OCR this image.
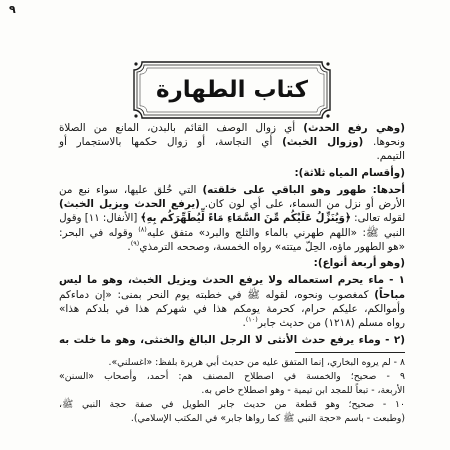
٩
كتاب الطهارة
(وهي رفع الحدث) أي زوال الوصف القائم بالبدن، المانع من الصلاة
ونحوها. (وزوال الخبث) أي النجاسة، أو زوال حكمها بالاستجمار أو
التيمم.
(وأقسام المياه ثلاثة):
أحدها: طهور وهو الباقي على خلقته) التي خُلق عليها، سواء نبع من
الأرض أو نزل من السماء، على أي لون كان. (يرفع الحدث ويزيل الخبث)
لقوله تعالى: ﴿وَيُنَزِّلُ عَلَيْكُم مِّنَ السَّمَاءِ مَاءً لِّيُطَهِّرَكُم بِهِ﴾ [الأنفال: ١١] وقول
النبي ﷺ: «اللهم طهرني بالماء والثلج والبرد» متفق عليه$^{(٨)}$ وقوله في البحر:
«هو الطهور ماؤه، الحِلّ ميتته» رواه الخمسة، وصححه الترمذي$^{(٩)}$.
(وهو أربعة أنواع):
١ - ماء يحرم استعماله ولا يرفع الحدث ويزيل الخبث، وهو ما ليس
مباحاً) كمغصوب ونحوه، لقوله ﷺ في خطبته يوم النحر بمنى: «إن دماءكم
وأموالكم، عليكم حرام، كحرمة يومكم هذا في شهركم هذا في بلدكم هذا»
رواه مسلم (١٢١٨) من حديث جابر$^{(١٠)}$.
(٢ - وماء يرفع حدث الأنثى لا الرجل البالغ والخنثى، وهو ما خلت به
٨ - لم يروه البخاري، إنما المتفق عليه من حديث أبي هريرة بلفظ: «اغسلني».
٩ - صحيح؛ والخمسة في اصطلاح المصنف هم: أحمد، وأصحاب «السنن»
الأربعة، - تبعاً للمجد ابن تيمية - وهو اصطلاح خاص به.
١٠ - صحيح؛ وهو قطعة من حديث جابر الطويل في صفة حجة النبي ﷺ،
(وطبعت - باسم «حجة النبي ﷺ كما رواها جابر» في المكتب الإسلامي).
